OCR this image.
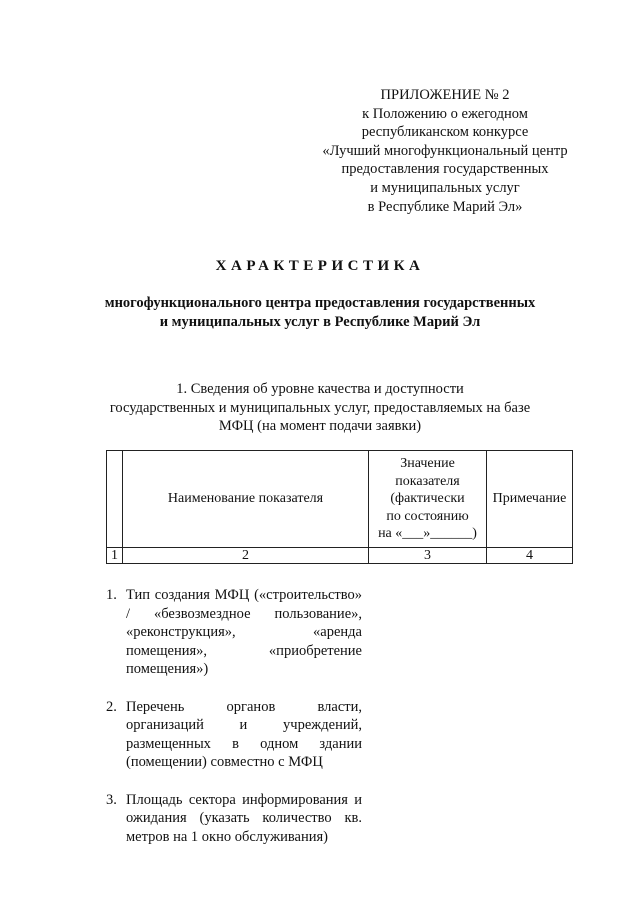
ПРИЛОЖЕНИЕ № 2
к Положению о ежегодном
республиканском конкурсе
«Лучший многофункциональный центр
предоставления государственных
и муниципальных услуг
в Республике Марий Эл»
ХАРАКТЕРИСТИКА
многофункционального центра предоставления государственных
и муниципальных услуг в Республике Марий Эл
1. Сведения об уровне качества и доступности
государственных и муниципальных услуг, предоставляемых на базе
МФЦ (на момент подачи заявки)
	Наименование показателя	Значение
показателя
(фактически
по состоянию
на «___»______)	Примечание
1	2	3	4
1. Тип создания МФЦ («строительство» / «безвозмездное пользование», «реконструкция», «аренда помещения», «приобретение помещения»)
2. Перечень органов власти, организаций и учреждений, размещенных в одном здании (помещении) совместно с МФЦ
3. Площадь сектора информирования и ожидания (указать количество кв. метров на 1 окно обслуживания)
